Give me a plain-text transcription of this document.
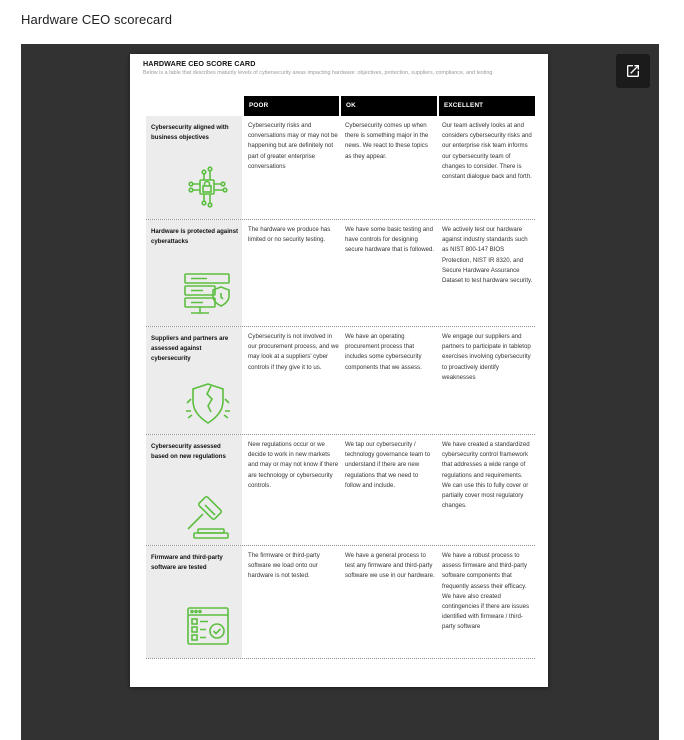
Hardware CEO scorecard
HARDWARE CEO SCORE CARD
Below is a table that describes maturity levels of cybersecurity areas impacting hardware: objectives, protection, suppliers, compliance, and testing.
POOR	OK	EXCELLENT
Cybersecurity aligned with business objectives
Cybersecurity risks and conversations may or may not be happening but are definitely not part of greater enterprise conversations
Cybersecurity comes up when there is something major in the news. We react to these topics as they appear.
Our team actively looks at and considers cybersecurity risks and our enterprise risk team informs our cybersecurity team of changes to consider. There is constant dialogue back and forth.
Hardware is protected against cyberattacks
The hardware we produce has limited or no security testing.
We have some basic testing and have controls for designing secure hardware that is followed.
We actively test our hardware against industry standards such as NIST 800-147 BIOS Protection, NIST IR 8320, and Secure Hardware Assurance Dataset to test hardware security.
Suppliers and partners are assessed against cybersecurity
Cybersecurity is not involved in our procurement process, and we may look at a suppliers' cyber controls if they give it to us.
We have an operating procurement process that includes some cybersecurity components that we assess.
We engage our suppliers and partners to participate in tabletop exercises involving cybersecurity to proactively identify weaknesses
Cybersecurity assessed based on new regulations
New regulations occur or we decide to work in new markets and may or may not know if there are technology or cybersecurity controls.
We tap our cybersecurity / technology governance team to understand if there are new regulations that we need to follow and include.
We have created a standardized cybersecurity control framework that addresses a wide range of regulations and requirements. We can use this to fully cover or partially cover most regulatory changes.
Firmware and third-party software are tested
The firmware or third-party software we load onto our hardware is not tested.
We have a general process to test any firmware and third-party software we use in our hardware.
We have a robust process to assess firmware and third-party software components that frequently assess their efficacy. We have also created contingencies if there are issues identified with firmware / third-party software
